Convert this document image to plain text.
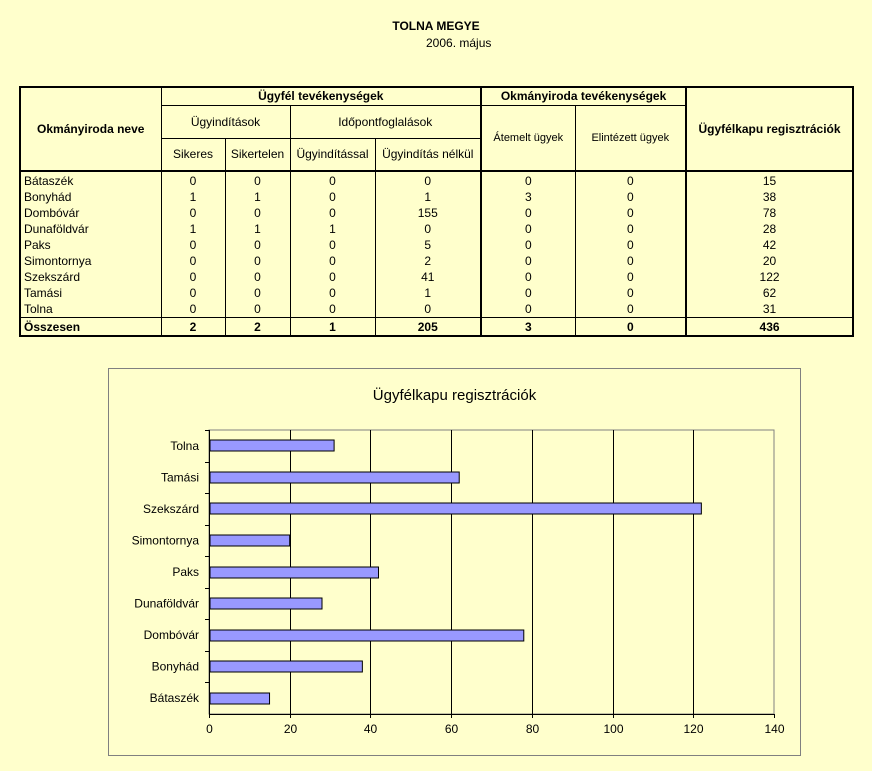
TOLNA MEGYE
2006. május
Okmányiroda neve	Ügyfél tevékenységek				Okmányiroda tevékenységek		Ügyfélkapu regisztrációk
	Ügyindítások		Időpontfoglalások		Átemelt ügyek	Elintézett ügyek	
	Sikeres	Sikertelen	Ügyindítással	Ügyindítás nélkül			
Bátaszék	0	0	0	0	0	0	15
Bonyhád	1	1	0	1	3	0	38
Dombóvár	0	0	0	155	0	0	78
Dunaföldvár	1	1	1	0	0	0	28
Paks	0	0	0	5	0	0	42
Simontornya	0	0	0	2	0	0	20
Szekszárd	0	0	0	41	0	0	122
Tamási	0	0	0	1	0	0	62
Tolna	0	0	0	0	0	0	31
Összesen	2	2	1	205	3	0	436
Ügyfélkapu regisztrációk
0	20	40	60	80	100	120	140
Tolna
Tamási
Szekszárd
Simontornya
Paks
Dunaföldvár
Dombóvár
Bonyhád
Bátaszék
